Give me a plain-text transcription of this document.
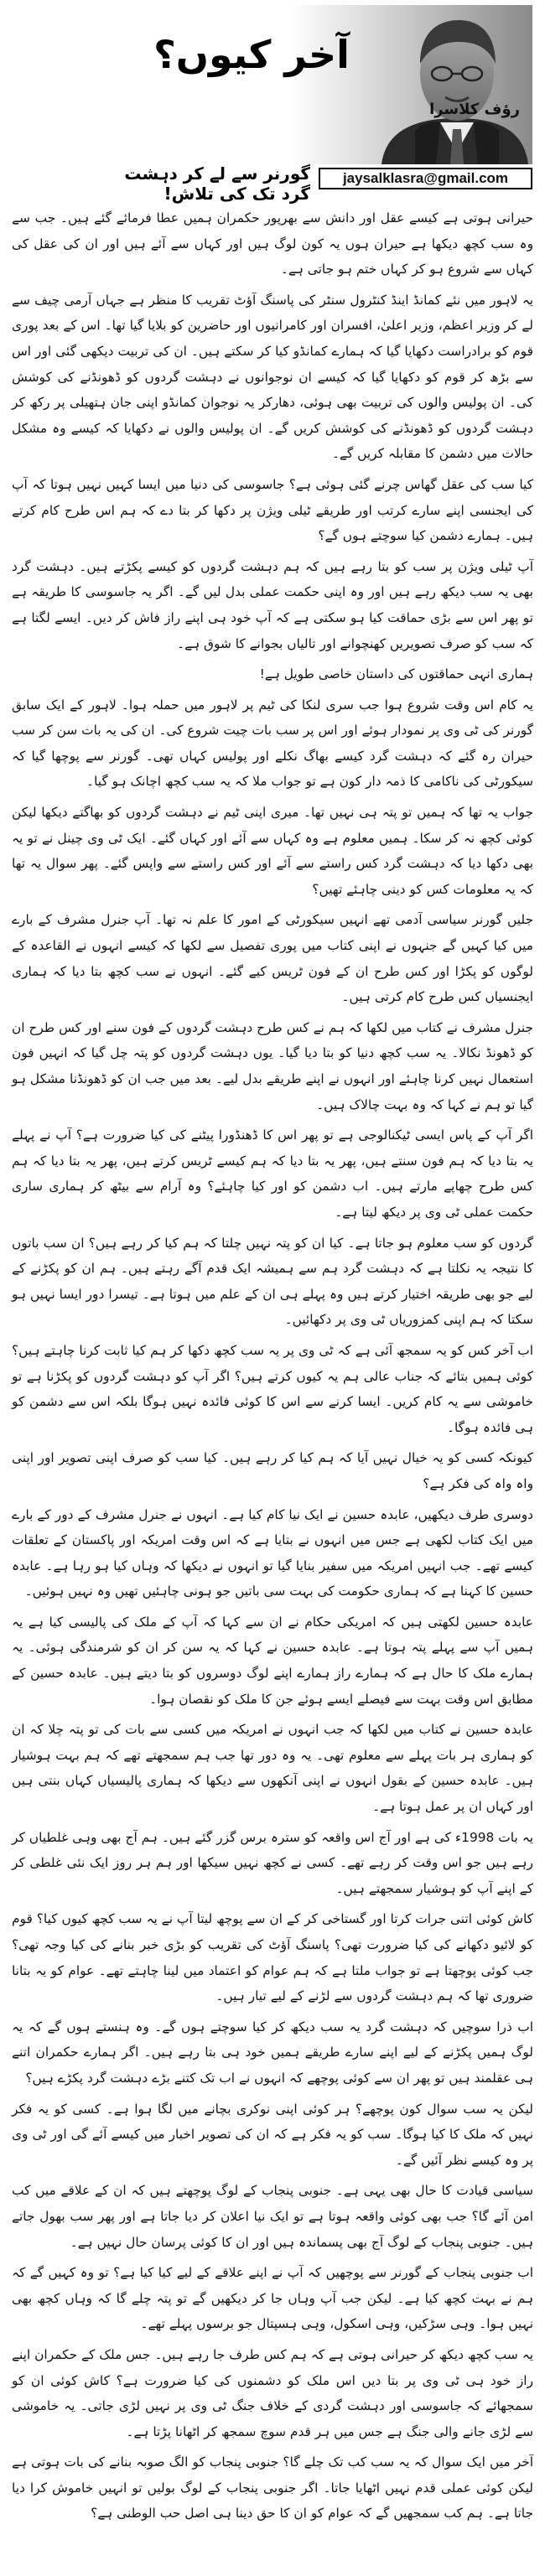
آخر کیوں؟
رؤف کلاسرا
jaysalklasra@gmail.com
گورنر سے لے کر دہشت گرد تک کی تلاش!

حیرانی ہوتی ہے کیسے عقل اور دانش سے بھرپور حکمران ہمیں عطا فرمائے گئے ہیں۔ جب سے وہ سب کچھ دیکھا ہے حیران ہوں یہ کون لوگ ہیں اور کہاں سے آئے ہیں اور ان کی عقل کی کہاں سے شروع ہو کر کہاں ختم ہو جاتی ہے۔

یہ لاہور میں نئے کمانڈ اینڈ کنٹرول سنٹر کی پاسنگ آؤٹ تقریب کا منظر ہے جہاں آرمی چیف سے لے کر وزیر اعظم، وزیر اعلیٰ، افسران اور کامرانیوں اور حاضرین کو بلایا گیا تھا۔ اس کے بعد پوری قوم کو برادراست دکھایا گیا کہ ہمارے کمانڈو کیا کر سکتے ہیں۔ ان کی تربیت دیکھی گئی اور اس سے بڑھ کر قوم کو دکھایا گیا کہ کیسے ان نوجوانوں نے دہشت گردوں کو ڈھونڈنے کی کوشش کی۔ ان پولیس والوں کی تربیت بھی ہوئی، دھارکر یہ نوجوان کمانڈو اپنی جان ہتھیلی پر رکھ کر دہشت گردوں کو ڈھونڈنے کی کوشش کریں گے۔ ان پولیس والوں نے دکھایا کہ کیسے وہ مشکل حالات میں دشمن کا مقابلہ کریں گے۔

کیا سب کی عقل گھاس چرنے گئی ہوئی ہے؟ جاسوسی کی دنیا میں ایسا کہیں نہیں ہوتا کہ آپ کی ایجنسی اپنے سارے کرتب اور طریقے ٹیلی ویژن پر دکھا کر بتا دے کہ ہم اس طرح کام کرتے ہیں۔ ہمارے دشمن کیا سوچتے ہوں گے؟

آپ ٹیلی ویژن پر سب کو بتا رہے ہیں کہ ہم دہشت گردوں کو کیسے پکڑتے ہیں۔ دہشت گرد بھی یہ سب دیکھ رہے ہیں اور وہ اپنی حکمت عملی بدل لیں گے۔ اگر یہ جاسوسی کا طریقہ ہے تو پھر اس سے بڑی حماقت کیا ہو سکتی ہے کہ آپ خود ہی اپنے راز فاش کر دیں۔ ایسے لگتا ہے کہ سب کو صرف تصویریں کھنچوانے اور تالیاں بجوانے کا شوق ہے۔

ہماری انہی حماقتوں کی داستان خاصی طویل ہے!

یہ کام اس وقت شروع ہوا جب سری لنکا کی ٹیم پر لاہور میں حملہ ہوا۔ لاہور کے ایک سابق گورنر کی ٹی وی پر نمودار ہوئے اور اس پر سب بات چیت شروع کی۔ ان کی یہ بات سن کر سب حیران رہ گئے کہ دہشت گرد کیسے بھاگ نکلے اور پولیس کہاں تھی۔ گورنر سے پوچھا گیا کہ سیکورٹی کی ناکامی کا ذمہ دار کون ہے تو جواب ملا کہ یہ سب کچھ اچانک ہو گیا۔

جواب یہ تھا کہ ہمیں تو پتہ ہی نہیں تھا۔ میری اپنی ٹیم نے دہشت گردوں کو بھاگتے دیکھا لیکن کوئی کچھ نہ کر سکا۔ ہمیں معلوم ہے وہ کہاں سے آئے اور کہاں گئے۔ ایک ٹی وی چینل نے تو یہ بھی دکھا دیا کہ دہشت گرد کس راستے سے آئے اور کس راستے سے واپس گئے۔ پھر سوال یہ تھا کہ یہ معلومات کس کو دینی چاہئے تھیں؟

جلیں گورنر سیاسی آدمی تھے انہیں سیکورٹی کے امور کا علم نہ تھا۔ آپ جنرل مشرف کے بارے میں کیا کہیں گے جنہوں نے اپنی کتاب میں پوری تفصیل سے لکھا کہ کیسے انہوں نے القاعدہ کے لوگوں کو پکڑا اور کس طرح ان کے فون ٹریس کیے گئے۔ انہوں نے سب کچھ بتا دیا کہ ہماری ایجنسیاں کس طرح کام کرتی ہیں۔

جنرل مشرف نے کتاب میں لکھا کہ ہم نے کس طرح دہشت گردوں کے فون سنے اور کس طرح ان کو ڈھونڈ نکالا۔ یہ سب کچھ دنیا کو بتا دیا گیا۔ یوں دہشت گردوں کو پتہ چل گیا کہ انہیں فون استعمال نہیں کرنا چاہئے اور انہوں نے اپنے طریقے بدل لیے۔ بعد میں جب ان کو ڈھونڈنا مشکل ہو گیا تو ہم نے کہا کہ وہ بہت چالاک ہیں۔

اگر آپ کے پاس ایسی ٹیکنالوجی ہے تو پھر اس کا ڈھنڈورا پیٹنے کی کیا ضرورت ہے؟ آپ نے پہلے یہ بتا دیا کہ ہم فون سنتے ہیں، پھر یہ بتا دیا کہ ہم کیسے ٹریس کرتے ہیں، پھر یہ بتا دیا کہ ہم کس طرح چھاپے مارتے ہیں۔ اب دشمن کو اور کیا چاہئے؟ وہ آرام سے بیٹھ کر ہماری ساری حکمت عملی ٹی وی پر دیکھ لیتا ہے۔

گردوں کو سب معلوم ہو جاتا ہے۔ کیا ان کو پتہ نہیں چلتا کہ ہم کیا کر رہے ہیں؟ ان سب باتوں کا نتیجہ یہ نکلتا ہے کہ دہشت گرد ہم سے ہمیشہ ایک قدم آگے رہتے ہیں۔ ہم ان کو پکڑنے کے لیے جو بھی طریقہ اختیار کرتے ہیں وہ پہلے ہی ان کے علم میں ہوتا ہے۔ تیسرا دور ایسا نہیں ہو سکتا کہ ہم اپنی کمزوریاں ٹی وی پر دکھائیں۔

اب آخر کس کو یہ سمجھ آئی ہے کہ ٹی وی پر یہ سب کچھ دکھا کر ہم کیا ثابت کرنا چاہتے ہیں؟ کوئی ہمیں بتائے کہ جناب عالی ہم یہ کیوں کرتے ہیں؟ اگر آپ کو دہشت گردوں کو پکڑنا ہے تو خاموشی سے یہ کام کریں۔ ایسا کرنے سے اس کا کوئی فائدہ نہیں ہوگا بلکہ اس سے دشمن کو ہی فائدہ ہوگا۔

کیونکہ کسی کو یہ خیال نہیں آیا کہ ہم کیا کر رہے ہیں۔ کیا سب کو صرف اپنی تصویر اور اپنی واہ واہ کی فکر ہے؟

دوسری طرف دیکھیں، عابدہ حسین نے ایک نیا کام کیا ہے۔ انہوں نے جنرل مشرف کے دور کے بارے میں ایک کتاب لکھی ہے جس میں انہوں نے بتایا ہے کہ اس وقت امریکہ اور پاکستان کے تعلقات کیسے تھے۔ جب انہیں امریکہ میں سفیر بنایا گیا تو انہوں نے دیکھا کہ وہاں کیا ہو رہا ہے۔ عابدہ حسین کا کہنا ہے کہ ہماری حکومت کی بہت سی باتیں جو ہونی چاہئیں تھیں وہ نہیں ہوئیں۔

عابدہ حسین لکھتی ہیں کہ امریکی حکام نے ان سے کہا کہ آپ کے ملک کی پالیسی کیا ہے یہ ہمیں آپ سے پہلے پتہ ہوتا ہے۔ عابدہ حسین نے کہا کہ یہ سن کر ان کو شرمندگی ہوئی۔ یہ ہمارے ملک کا حال ہے کہ ہمارے راز ہمارے اپنے لوگ دوسروں کو بتا دیتے ہیں۔ عابدہ حسین کے مطابق اس وقت بہت سے فیصلے ایسے ہوئے جن کا ملک کو نقصان ہوا۔

عابدہ حسین نے کتاب میں لکھا کہ جب انہوں نے امریکہ میں کسی سے بات کی تو پتہ چلا کہ ان کو ہماری ہر بات پہلے سے معلوم تھی۔ یہ وہ دور تھا جب ہم سمجھتے تھے کہ ہم بہت ہوشیار ہیں۔ عابدہ حسین کے بقول انہوں نے اپنی آنکھوں سے دیکھا کہ ہماری پالیسیاں کہاں بنتی ہیں اور کہاں ان پر عمل ہوتا ہے۔

یہ بات 1998ء کی ہے اور آج اس واقعہ کو سترہ برس گزر گئے ہیں۔ ہم آج بھی وہی غلطیاں کر رہے ہیں جو اس وقت کر رہے تھے۔ کسی نے کچھ نہیں سیکھا اور ہم ہر روز ایک نئی غلطی کر کے اپنے آپ کو ہوشیار سمجھتے ہیں۔

کاش کوئی اتنی جرات کرتا اور گستاخی کر کے ان سے پوچھ لیتا آپ نے یہ سب کچھ کیوں کیا؟ قوم کو لائیو دکھانے کی کیا ضرورت تھی؟ پاسنگ آؤٹ کی تقریب کو بڑی خبر بنانے کی کیا وجہ تھی؟ جب کوئی پوچھتا ہے تو جواب ملتا ہے کہ ہم عوام کو اعتماد میں لینا چاہتے تھے۔ عوام کو یہ بتانا ضروری تھا کہ ہم دہشت گردوں سے لڑنے کے لیے تیار ہیں۔

اب ذرا سوچیں کہ دہشت گرد یہ سب دیکھ کر کیا سوچتے ہوں گے۔ وہ ہنستے ہوں گے کہ یہ لوگ ہمیں پکڑنے کے لیے اپنے سارے طریقے ہمیں خود ہی بتا رہے ہیں۔ اگر ہمارے حکمران اتنے ہی عقلمند ہیں تو پھر ان سے کوئی پوچھے کہ انہوں نے اب تک کتنے بڑے دہشت گرد پکڑے ہیں؟

لیکن یہ سب سوال کون پوچھے؟ ہر کوئی اپنی نوکری بچانے میں لگا ہوا ہے۔ کسی کو یہ فکر نہیں کہ ملک کا کیا ہوگا۔ سب کو یہ فکر ہے کہ ان کی تصویر اخبار میں کیسے آئے گی اور ٹی وی پر وہ کیسے نظر آئیں گے۔

سیاسی قیادت کا حال بھی یہی ہے۔ جنوبی پنجاب کے لوگ پوچھتے ہیں کہ ان کے علاقے میں کب امن آئے گا؟ جب بھی کوئی واقعہ ہوتا ہے تو ایک نیا اعلان کر دیا جاتا ہے اور پھر سب بھول جاتے ہیں۔ جنوبی پنجاب کے لوگ آج بھی پسماندہ ہیں اور ان کا کوئی پرسان حال نہیں ہے۔

اب جنوبی پنجاب کے گورنر سے پوچھیں کہ آپ نے اپنے علاقے کے لیے کیا کیا ہے؟ تو وہ کہیں گے کہ ہم نے بہت کچھ کیا ہے۔ لیکن جب آپ وہاں جا کر دیکھیں گے تو پتہ چلے گا کہ وہاں کچھ بھی نہیں ہوا۔ وہی سڑکیں، وہی اسکول، وہی ہسپتال جو برسوں پہلے تھے۔

یہ سب کچھ دیکھ کر حیرانی ہوتی ہے کہ ہم کس طرف جا رہے ہیں۔ جس ملک کے حکمران اپنے راز خود ہی ٹی وی پر بتا دیں اس ملک کو دشمنوں کی کیا ضرورت ہے؟ کاش کوئی ان کو سمجھائے کہ جاسوسی اور دہشت گردی کے خلاف جنگ ٹی وی پر نہیں لڑی جاتی۔ یہ خاموشی سے لڑی جانے والی جنگ ہے جس میں ہر قدم سوچ سمجھ کر اٹھانا پڑتا ہے۔

آخر میں ایک سوال کہ یہ سب کب تک چلے گا؟ جنوبی پنجاب کو الگ صوبہ بنانے کی بات ہوتی ہے لیکن کوئی عملی قدم نہیں اٹھایا جاتا۔ اگر جنوبی پنجاب کے لوگ بولیں تو انہیں خاموش کرا دیا جاتا ہے۔ ہم کب سمجھیں گے کہ عوام کو ان کا حق دینا ہی اصل حب الوطنی ہے؟
